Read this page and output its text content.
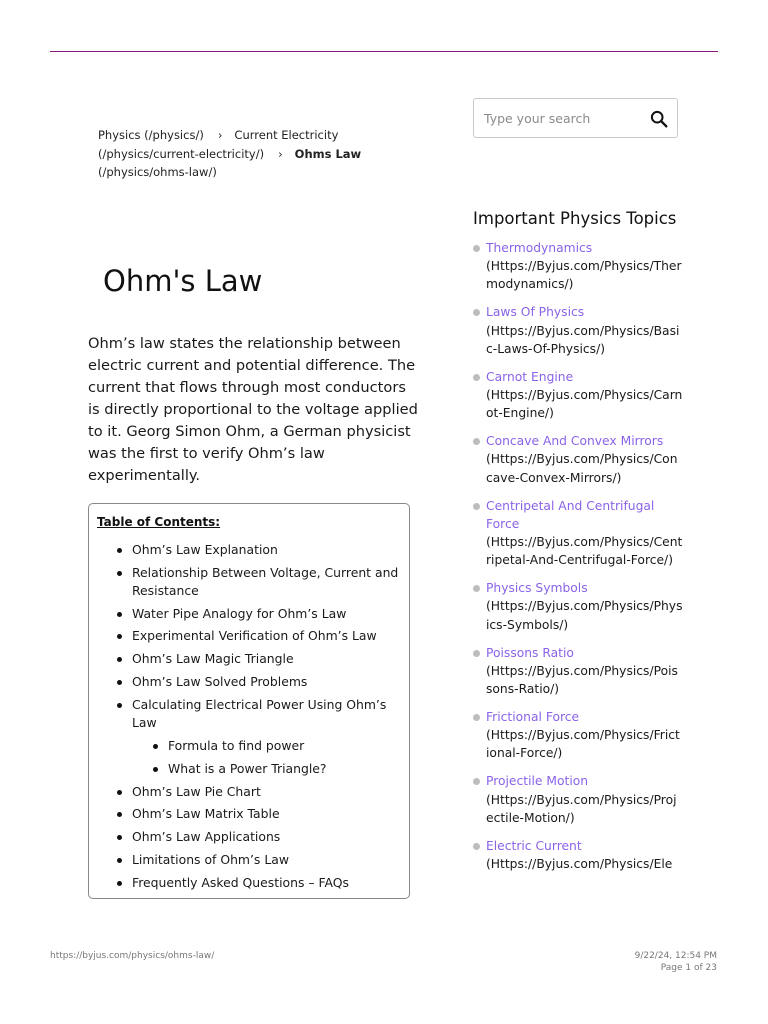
Physics (/physics/) › Current Electricity (/physics/current-electricity/) › Ohms Law
(/physics/ohms-law/)
Type your search
Ohm's Law

Ohm’s law states the relationship between electric current and potential difference. The current that flows through most conductors is directly proportional to the voltage applied to it. Georg Simon Ohm, a German physicist was the first to verify Ohm’s law experimentally.

Table of Contents:
Ohm’s Law Explanation
Relationship Between Voltage, Current and Resistance
Water Pipe Analogy for Ohm’s Law
Experimental Verification of Ohm’s Law
Ohm’s Law Magic Triangle
Ohm’s Law Solved Problems
Calculating Electrical Power Using Ohm’s Law
Formula to find power
What is a Power Triangle?
Ohm’s Law Pie Chart
Ohm’s Law Matrix Table
Ohm’s Law Applications
Limitations of Ohm’s Law
Frequently Asked Questions – FAQs
Important Physics Topics
Thermodynamics
(Https://Byjus.com/Physics/Thermodynamics/)
Laws Of Physics
(Https://Byjus.com/Physics/Basic-Laws-Of-Physics/)
Carnot Engine
(Https://Byjus.com/Physics/Carnot-Engine/)
Concave And Convex Mirrors
(Https://Byjus.com/Physics/Concave-Convex-Mirrors/)
Centripetal And Centrifugal Force
(Https://Byjus.com/Physics/Centripetal-And-Centrifugal-Force/)
Physics Symbols
(Https://Byjus.com/Physics/Physics-Symbols/)
Poissons Ratio
(Https://Byjus.com/Physics/Poissons-Ratio/)
Frictional Force
(Https://Byjus.com/Physics/Frictional-Force/)
Projectile Motion
(Https://Byjus.com/Physics/Projectile-Motion/)
Electric Current
(Https://Byjus.com/Physics/Ele
https://byjus.com/physics/ohms-law/	9/22/24, 12:54 PM
Page 1 of 23
